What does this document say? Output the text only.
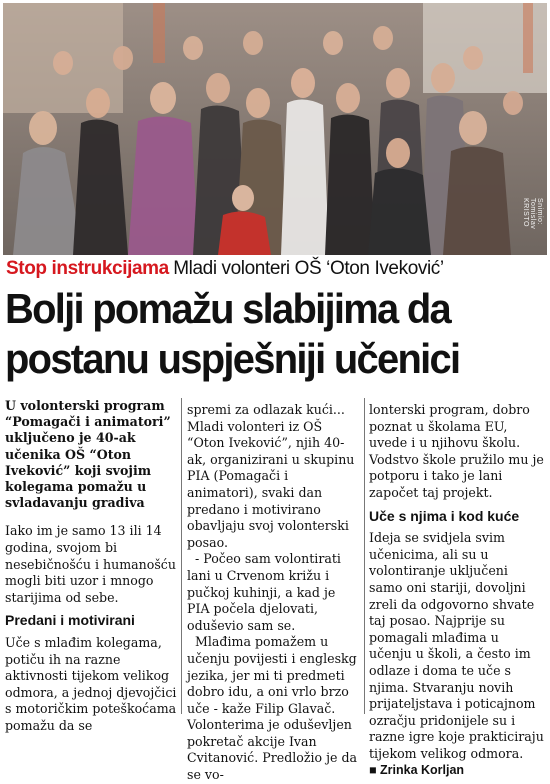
Snimio: Tomislav KRISTO
Stop instrukcijama Mladi volonteri OŠ ‘Oton Iveković’
Bolji pomažu slabijima da
postanu uspješniji učenici

U volonterski program “Pomagači i animatori” uključeno je 40-ak učenika OŠ “Oton Iveković” koji svojim kolegama pomažu u svladavanju gradiva

Iako im je samo 13 ili 14 godina, svojom bi nesebičnošću i humanošću mogli biti uzor i mnogo starijima od sebe.

Predani i motivirani

Uče s mlađim kolegama, potiču ih na razne aktivnosti tijekom velikog odmora, a jednoj djevojčici s motoričkim poteškoćama pomažu da se

spremi za odlazak kući... Mladi volonteri iz OŠ “Oton Iveković”, njih 40-ak, organizirani u skupinu PIA (Pomagači i animatori), svaki dan predano i motivirano obavljaju svoj volonterski posao.

- Počeo sam volontirati lani u Crvenom križu i pučkoj kuhinji, a kad je PIA počela djelovati, oduševio sam se.

Mlađima pomažem u učenju povijesti i engleskg jezika, jer mi ti predmeti dobro idu, a oni vrlo brzo uče - kaže Filip Glavač.

Volonterima je oduševljen pokretač akcije Ivan Cvitanović. Predložio je da se vo-

lonterski program, dobro poznat u školama EU, uvede i u njihovu školu. Vodstvo škole pružilo mu je potporu i tako je lani započet taj projekt.

Uče s njima i kod kuće

Ideja se svidjela svim učenicima, ali su u volontiranje uključeni samo oni stariji, dovoljni zreli da odgovorno shvate taj posao. Najprije su pomagali mlađima u učenju u školi, a često im odlaze i doma te uče s njima. Stvaranju novih prijateljstava i poticajnom ozračju pridonijele su i razne igre koje prakticiraju tijekom velikog odmora.

■ Zrinka Korljan
